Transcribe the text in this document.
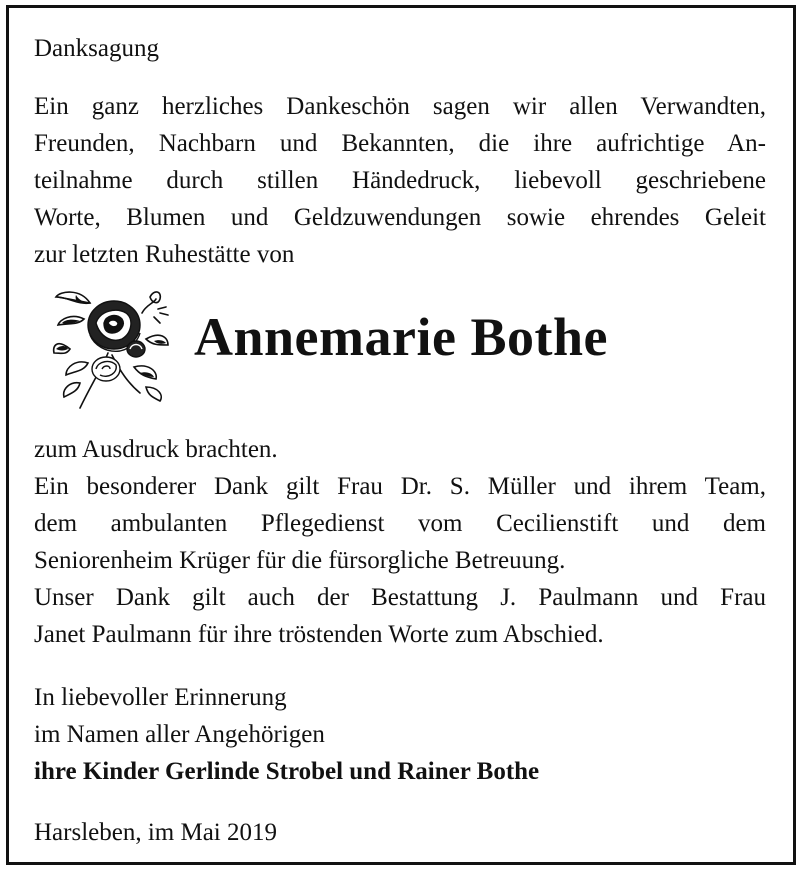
Danksagung
Ein ganz herzliches Dankeschön sagen wir allen Verwandten,
Freunden, Nachbarn und Bekannten, die ihre aufrichtige An-
teilnahme durch stillen Händedruck, liebevoll geschriebene
Worte, Blumen und Geldzuwendungen sowie ehrendes Geleit
zur letzten Ruhestätte von
Annemarie Bothe
zum Ausdruck brachten.
Ein besonderer Dank gilt Frau Dr. S. Müller und ihrem Team,
dem ambulanten Pflegedienst vom Cecilienstift und dem
Seniorenheim Krüger für die fürsorgliche Betreuung.
Unser Dank gilt auch der Bestattung J. Paulmann und Frau
Janet Paulmann für ihre tröstenden Worte zum Abschied.
In liebevoller Erinnerung
im Namen aller Angehörigen
ihre Kinder Gerlinde Strobel und Rainer Bothe
Harsleben, im Mai 2019
